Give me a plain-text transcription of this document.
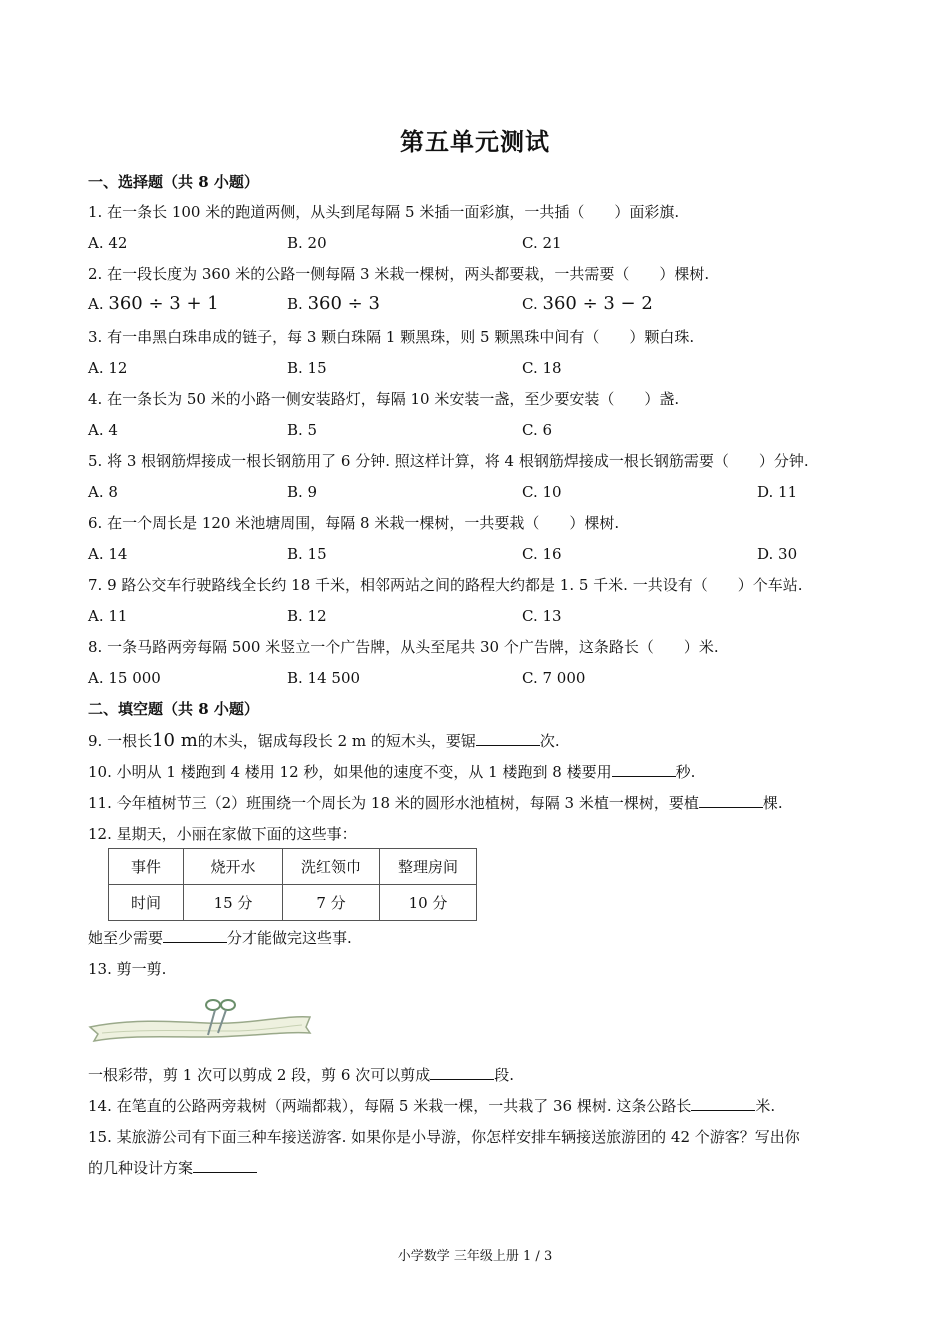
第五单元测试
一、选择题（共 8 小题）
1. 在一条长 100 米的跑道两侧，从头到尾每隔 5 米插一面彩旗，一共插（　　）面彩旗.
A. 42	B. 20	C. 21
2. 在一段长度为 360 米的公路一侧每隔 3 米栽一棵树，两头都要栽，一共需要（　　）棵树.
A. 360 ÷ 3 + 1	B. 360 ÷ 3	C. 360 ÷ 3 − 2
3. 有一串黑白珠串成的链子，每 3 颗白珠隔 1 颗黑珠，则 5 颗黑珠中间有（　　）颗白珠.
A. 12	B. 15	C. 18
4. 在一条长为 50 米的小路一侧安装路灯，每隔 10 米安装一盏，至少要安装（　　）盏.
A. 4	B. 5	C. 6
5. 将 3 根钢筋焊接成一根长钢筋用了 6 分钟. 照这样计算，将 4 根钢筋焊接成一根长钢筋需要（　　）分钟.
A. 8	B. 9	C. 10	D. 11
6. 在一个周长是 120 米池塘周围，每隔 8 米栽一棵树，一共要栽（　　）棵树.
A. 14	B. 15	C. 16	D. 30
7. 9 路公交车行驶路线全长约 18 千米，相邻两站之间的路程大约都是 1. 5 千米. 一共设有（　　）个车站.
A. 11	B. 12	C. 13
8. 一条马路两旁每隔 500 米竖立一个广告牌，从头至尾共 30 个广告牌，这条路长（　　）米.
A. 15 000	B. 14 500	C. 7 000
二、填空题（共 8 小题）
9. 一根长10 m的木头，锯成每段长 2 m 的短木头，要锯	次.
10. 小明从 1 楼跑到 4 楼用 12 秒，如果他的速度不变，从 1 楼跑到 8 楼要用	秒.
11. 今年植树节三（2）班围绕一个周长为 18 米的圆形水池植树，每隔 3 米植一棵树，要植	棵.
12. 星期天，小丽在家做下面的这些事：
事件	烧开水	洗红领巾	整理房间
时间	15 分	7 分	10 分
她至少需要	分才能做完这些事.
13. 剪一剪.
一根彩带，剪 1 次可以剪成 2 段，剪 6 次可以剪成	段.
14. 在笔直的公路两旁栽树（两端都栽），每隔 5 米栽一棵，一共栽了 36 棵树. 这条公路长	米.
15. 某旅游公司有下面三种车接送游客. 如果你是小导游，你怎样安排车辆接送旅游团的 42 个游客？写出你
的几种设计方案
小学数学 三年级上册 1 / 3
